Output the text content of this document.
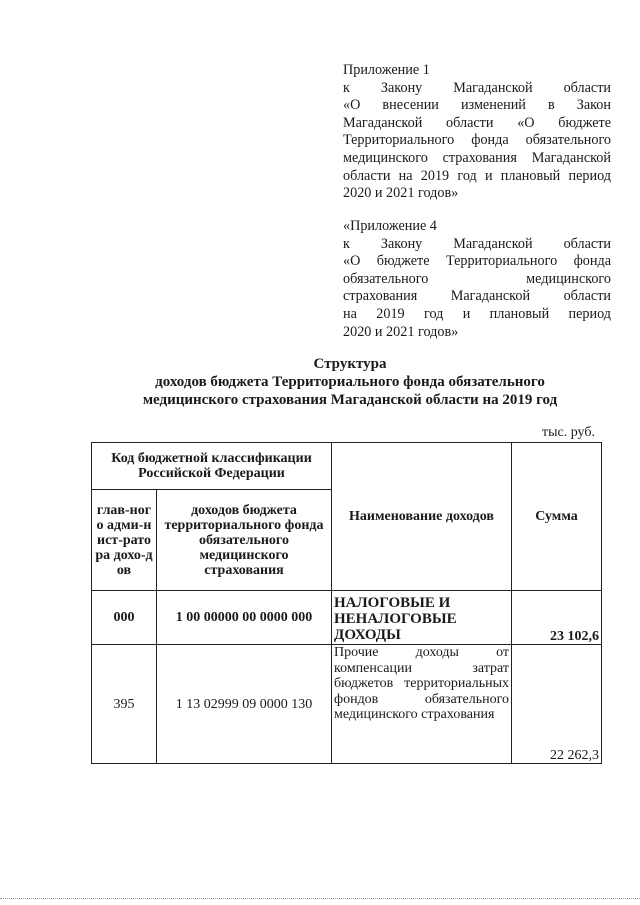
Приложение 1
к Закону Магаданской области
«О внесении изменений в Закон
Магаданской области «О бюджете
Территориального фонда обязательного
медицинского страхования Магаданской
области на 2019 год и плановый период
2020 и 2021 годов»
«Приложение 4
к Закону Магаданской области
«О бюджете Территориального фонда
обязательного медицинского
страхования Магаданской области
на 2019 год и плановый период
2020 и 2021 годов»
Структура
доходов бюджета Территориального фонда обязательного
медицинского страхования Магаданской области на 2019 год
тыс. руб.
Код бюджетной классификации Российской Федерации		Наименование доходов	Сумма
глав-ного адми-нист-ратора дохо-дов	доходов бюджета территориального фонда обязательного медицинского страхования		
000	1 00 00000 00 0000 000	НАЛОГОВЫЕ И НЕНАЛОГОВЫЕ ДОХОДЫ	23 102,6
395	1 13 02999 09 0000 130	Прочие доходы от компенсации затрат бюджетов территориальных фондов обязательного медицинского страхования	22 262,3
